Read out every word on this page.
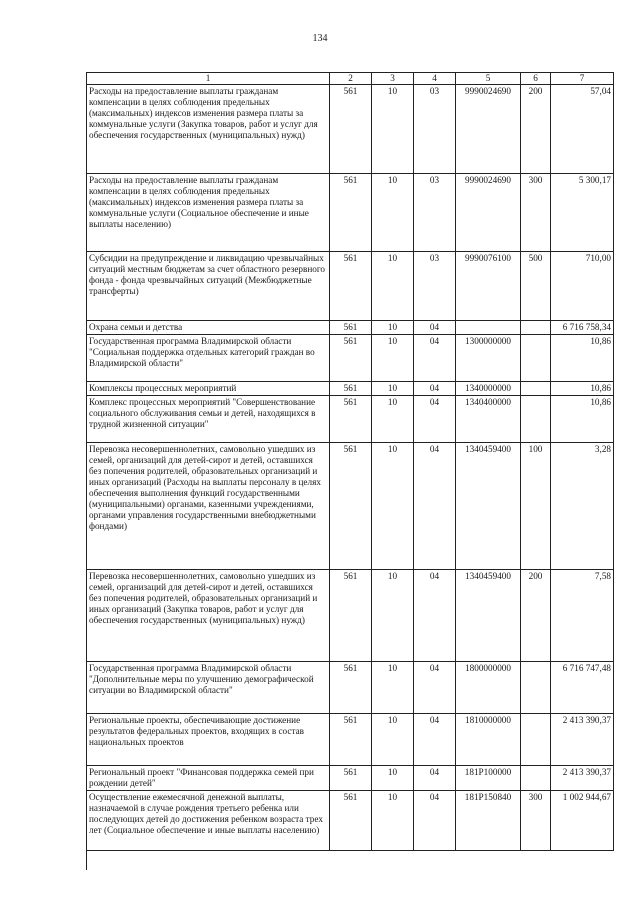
134
1	2	3	4	5	6	7
Расходы на предоставление выплаты гражданам компенсации в целях соблюдения предельных (максимальных) индексов изменения размера платы за коммунальные услуги (Закупка товаров, работ и услуг для обеспечения государственных (муниципальных) нужд)	561	10	03	9990024690	200	57,04
Расходы на предоставление выплаты гражданам компенсации в целях соблюдения предельных (максимальных) индексов изменения размера платы за коммунальные услуги (Социальное обеспечение и иные выплаты населению)	561	10	03	9990024690	300	5 300,17
Субсидии на предупреждение и ликвидацию чрезвычайных ситуаций местным бюджетам за счет областного резервного фонда - фонда чрезвычайных ситуаций (Межбюджетные трансферты)	561	10	03	9990076100	500	710,00
Охрана семьи и детства	561	10	04			6 716 758,34
Государственная программа Владимирской области "Социальная поддержка отдельных категорий граждан во Владимирской области"	561	10	04	1300000000		10,86
Комплексы процессных мероприятий	561	10	04	1340000000		10,86
Комплекс процессных мероприятий "Совершенствование социального обслуживания семьи и детей, находящихся в трудной жизненной ситуации"	561	10	04	1340400000		10,86
Перевозка несовершеннолетних, самовольно ушедших из семей, организаций для детей-сирот и детей, оставшихся без попечения родителей, образовательных организаций и иных организаций (Расходы на выплаты персоналу в целях обеспечения выполнения функций государственными (муниципальными) органами, казенными учреждениями, органами управления государственными внебюджетными фондами)	561	10	04	1340459400	100	3,28
Перевозка несовершеннолетних, самовольно ушедших из семей, организаций для детей-сирот и детей, оставшихся без попечения родителей, образовательных организаций и иных организаций (Закупка товаров, работ и услуг для обеспечения государственных (муниципальных) нужд)	561	10	04	1340459400	200	7,58
Государственная программа Владимирской области "Дополнительные меры по улучшению демографической ситуации во Владимирской области"	561	10	04	1800000000		6 716 747,48
Региональные проекты, обеспечивающие достижение результатов федеральных проектов, входящих в состав национальных проектов	561	10	04	1810000000		2 413 390,37
Региональный проект "Финансовая поддержка семей при рождении детей"	561	10	04	181P100000		2 413 390,37
Осуществление ежемесячной денежной выплаты, назначаемой в случае рождения третьего ребенка или последующих детей до достижения ребенком возраста трех лет (Социальное обеспечение и иные выплаты населению)	561	10	04	181P150840	300	1 002 944,67
